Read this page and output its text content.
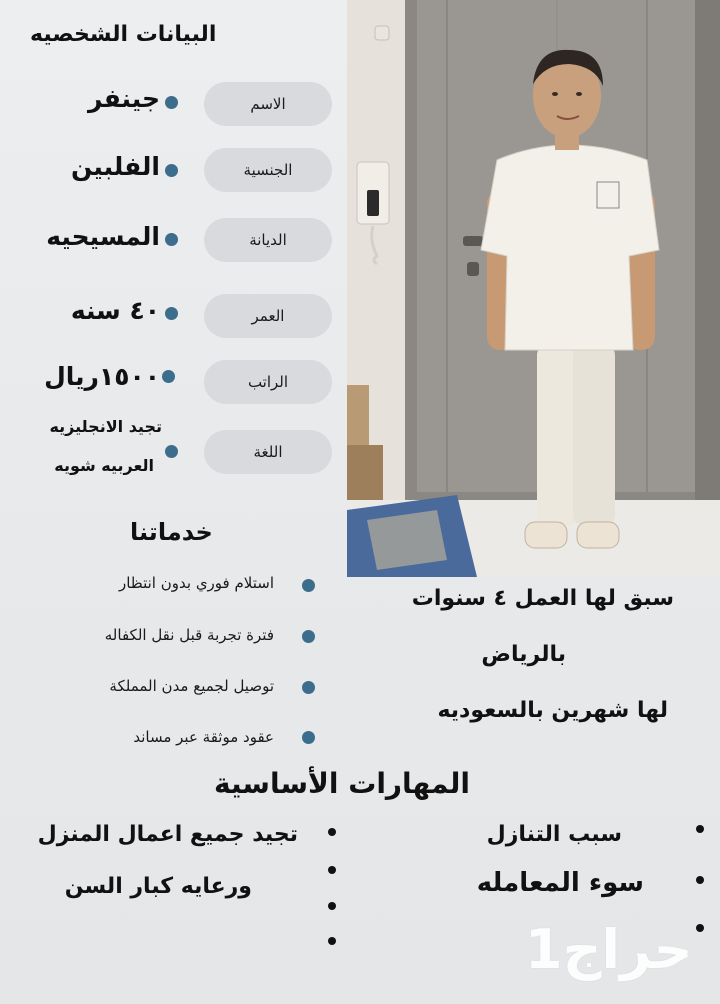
البيانات الشخصيه
الاسم
جينفر
الجنسية
الفلبين
الديانة
المسيحيه
العمر
٤٠ سنه
الراتب
١٥٠٠ريال
اللغة
تجيد الانجليزيه
العربيه شويه
خدماتنا
استلام فوري بدون انتظار
فترة تجربة قبل نقل الكفاله
توصيل لجميع مدن المملكة
عقود موثقة عبر مساند
سبق لها العمل ٤ سنوات
بالرياض
لها شهرين بالسعوديه
المهارات الأساسية
تجيد جميع اعمال المنزل
ورعايه كبار السن
سبب التنازل
سوء المعامله
حراج1
